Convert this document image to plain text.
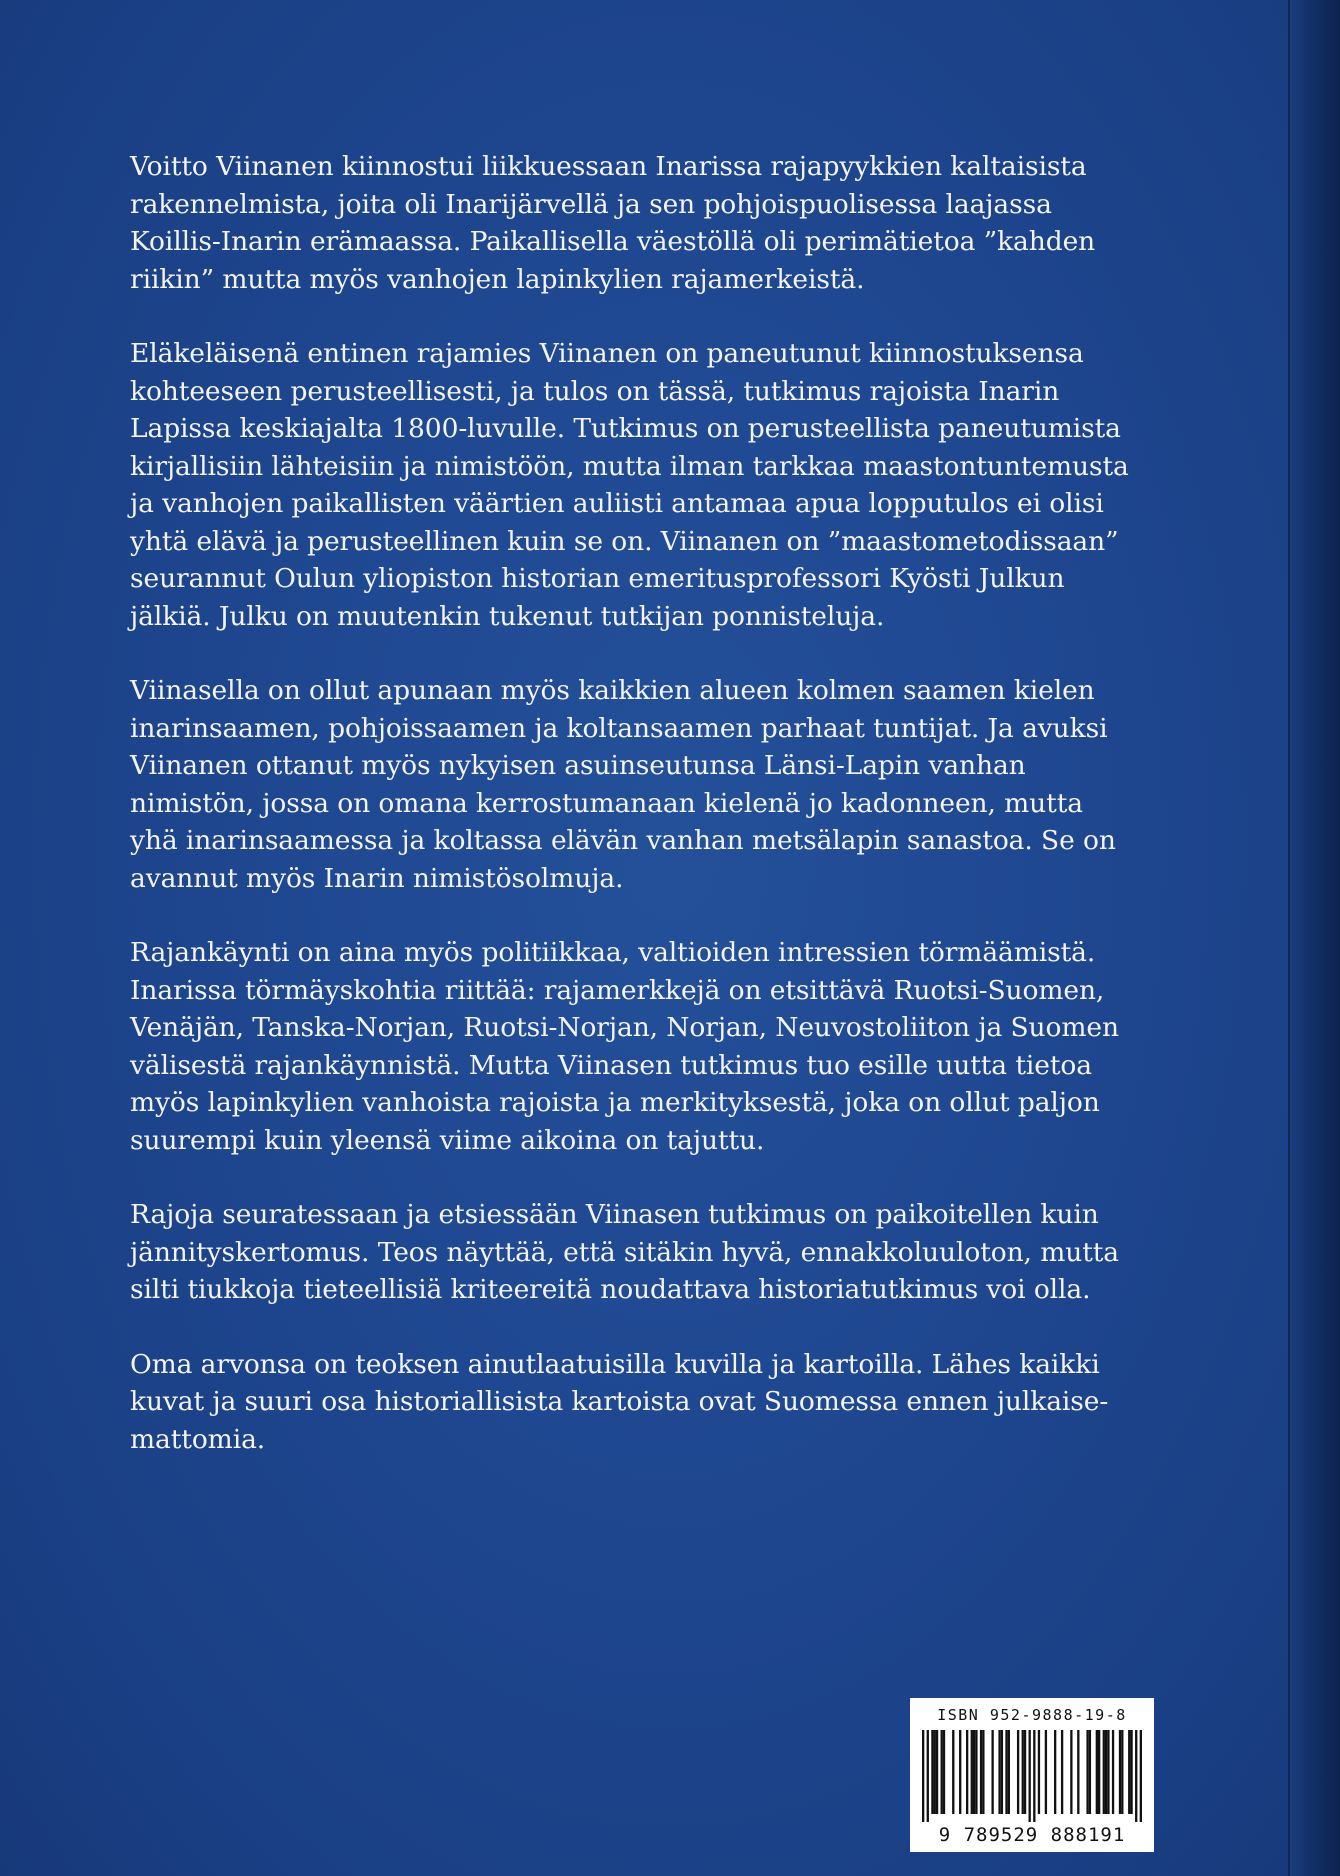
Voitto Viinanen kiinnostui liikkuessaan Inarissa rajapyykkien kaltaisista
rakennelmista, joita oli Inarijärvellä ja sen pohjoispuolisessa laajassa
Koillis-Inarin erämaassa. Paikallisella väestöllä oli perimätietoa ”kahden
riikin” mutta myös vanhojen lapinkylien rajamerkeistä.

Eläkeläisenä entinen rajamies Viinanen on paneutunut kiinnostuksensa
kohteeseen perusteellisesti, ja tulos on tässä, tutkimus rajoista Inarin
Lapissa keskiajalta 1800-luvulle. Tutkimus on perusteellista paneutumista
kirjallisiin lähteisiin ja nimistöön, mutta ilman tarkkaa maastontuntemusta
ja vanhojen paikallisten väärtien auliisti antamaa apua lopputulos ei olisi
yhtä elävä ja perusteellinen kuin se on. Viinanen on ”maastometodissaan”
seurannut Oulun yliopiston historian emeritusprofessori Kyösti Julkun
jälkiä. Julku on muutenkin tukenut tutkijan ponnisteluja.

Viinasella on ollut apunaan myös kaikkien alueen kolmen saamen kielen
inarinsaamen, pohjoissaamen ja koltansaamen parhaat tuntijat. Ja avuksi
Viinanen ottanut myös nykyisen asuinseutunsa Länsi-Lapin vanhan
nimistön, jossa on omana kerrostumanaan kielenä jo kadonneen, mutta
yhä inarinsaamessa ja koltassa elävän vanhan metsälapin sanastoa. Se on
avannut myös Inarin nimistösolmuja.

Rajankäynti on aina myös politiikkaa, valtioiden intressien törmäämistä.
Inarissa törmäyskohtia riittää: rajamerkkejä on etsittävä Ruotsi-Suomen,
Venäjän, Tanska-Norjan, Ruotsi-Norjan, Norjan, Neuvostoliiton ja Suomen
välisestä rajankäynnistä. Mutta Viinasen tutkimus tuo esille uutta tietoa
myös lapinkylien vanhoista rajoista ja merkityksestä, joka on ollut paljon
suurempi kuin yleensä viime aikoina on tajuttu.

Rajoja seuratessaan ja etsiessään Viinasen tutkimus on paikoitellen kuin
jännityskertomus. Teos näyttää, että sitäkin hyvä, ennakkoluuloton, mutta
silti tiukkoja tieteellisiä kriteereitä noudattava historiatutkimus voi olla.

Oma arvonsa on teoksen ainutlaatuisilla kuvilla ja kartoilla. Lähes kaikki
kuvat ja suuri osa historiallisista kartoista ovat Suomessa ennen julkaise-
mattomia.

ISBN 952-9888-19-8
9 789529 888191
